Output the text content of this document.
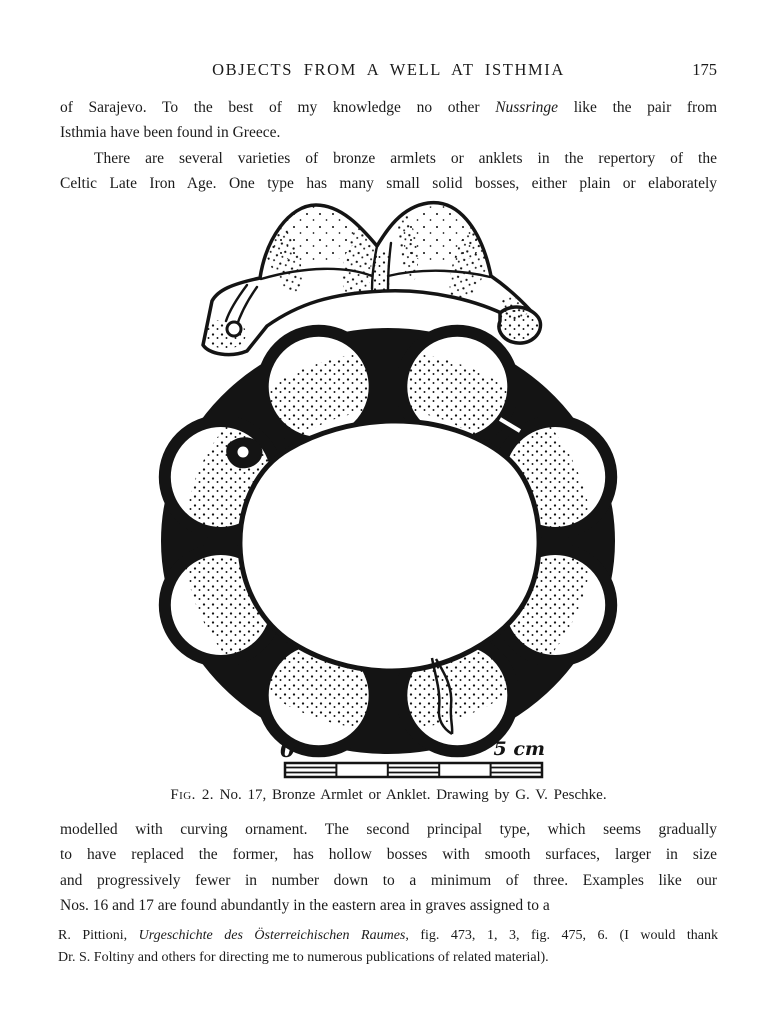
OBJECTS FROM A WELL AT ISTHMIA	175
of Sarajevo. To the best of my knowledge no other Nussringe like the pair from
Isthmia have been found in Greece.
There are several varieties of bronze armlets or anklets in the repertory of the
Celtic Late Iron Age. One type has many small solid bosses, either plain or elaborately
0	5 cm
Fig. 2. No. 17, Bronze Armlet or Anklet. Drawing by G. V. Peschke.
modelled with curving ornament. The second principal type, which seems gradually
to have replaced the former, has hollow bosses with smooth surfaces, larger in size
and progressively fewer in number down to a minimum of three. Examples like our
Nos. 16 and 17 are found abundantly in the eastern area in graves assigned to a
R. Pittioni, Urgeschichte des Österreichischen Raumes, fig. 473, 1, 3, fig. 475, 6. (I would thank
Dr. S. Foltiny and others for directing me to numerous publications of related material).
